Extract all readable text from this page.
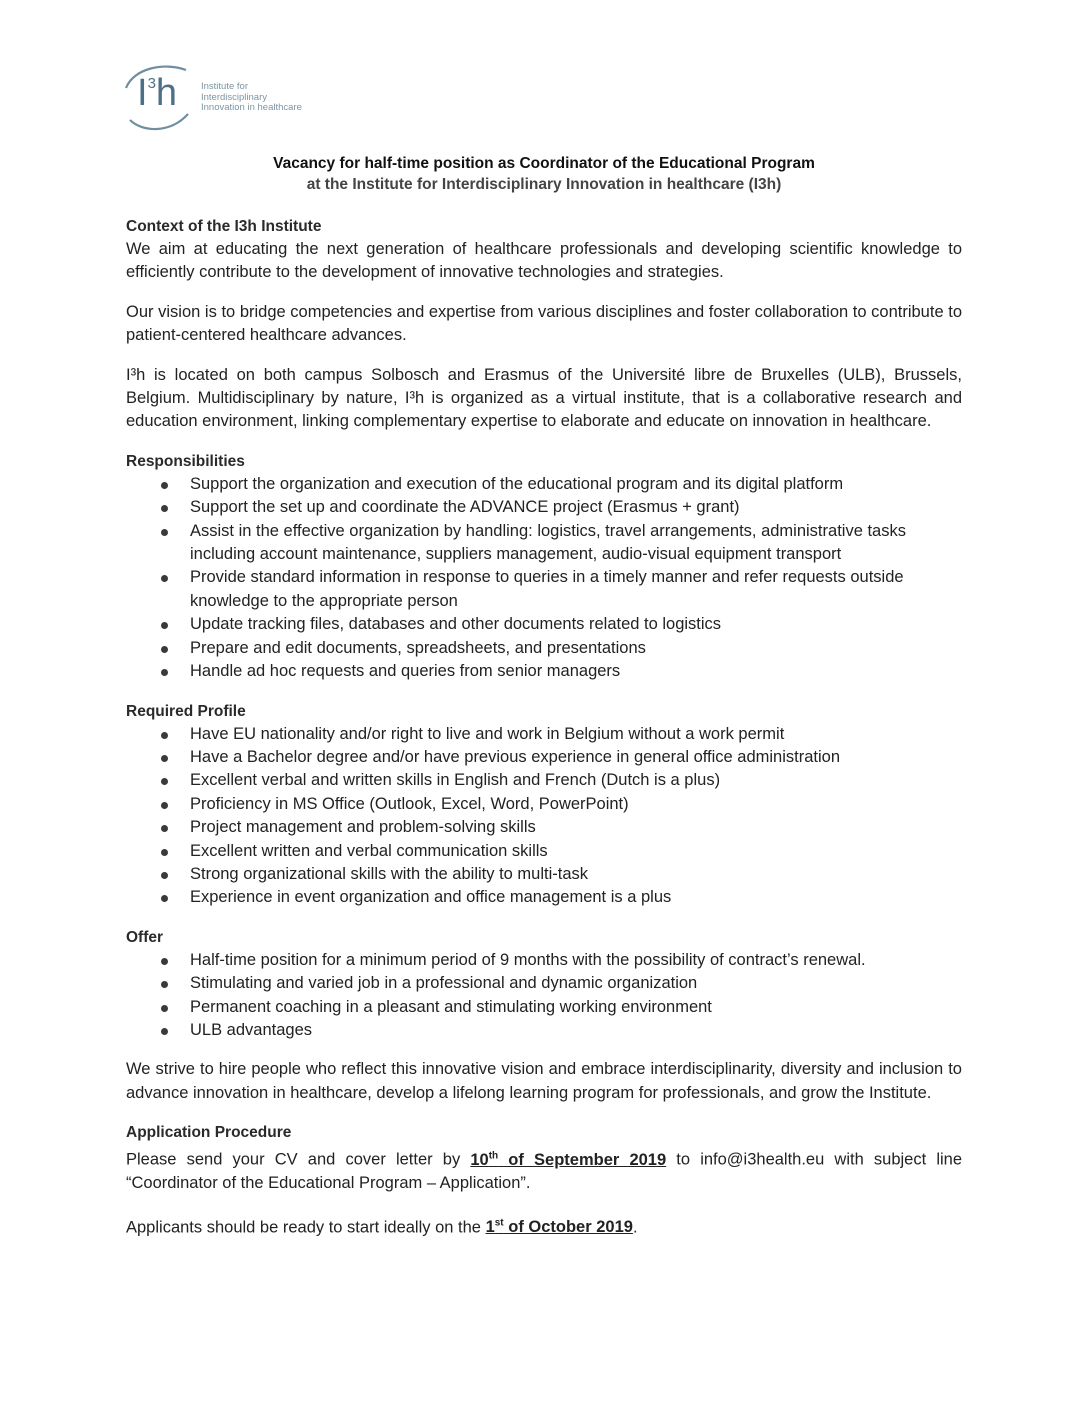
$I^3h$	Institute for
Interdisciplinary
Innovation in healthcare
Vacancy for half-time position as Coordinator of the Educational Program
at the Institute for Interdisciplinary Innovation in healthcare (I3h)
Context of the I3h Institute

We aim at educating the next generation of healthcare professionals and developing scientific knowledge to efficiently contribute to the development of innovative technologies and strategies.

Our vision is to bridge competencies and expertise from various disciplines and foster collaboration to contribute to patient-centered healthcare advances.

I³h is located on both campus Solbosch and Erasmus of the Université libre de Bruxelles (ULB), Brussels, Belgium. Multidisciplinary by nature, I³h is organized as a virtual institute, that is a collaborative research and education environment, linking complementary expertise to elaborate and educate on innovation in healthcare.

Responsibilities
Support the organization and execution of the educational program and its digital platform
Support the set up and coordinate the ADVANCE project (Erasmus + grant)
Assist in the effective organization by handling: logistics, travel arrangements, administrative tasks including account maintenance, suppliers management, audio-visual equipment transport
Provide standard information in response to queries in a timely manner and refer requests outside knowledge to the appropriate person
Update tracking files, databases and other documents related to logistics
Prepare and edit documents, spreadsheets, and presentations
Handle ad hoc requests and queries from senior managers
Required Profile
Have EU nationality and/or right to live and work in Belgium without a work permit
Have a Bachelor degree and/or have previous experience in general office administration
Excellent verbal and written skills in English and French (Dutch is a plus)
Proficiency in MS Office (Outlook, Excel, Word, PowerPoint)
Project management and problem-solving skills
Excellent written and verbal communication skills
Strong organizational skills with the ability to multi-task
Experience in event organization and office management is a plus
Offer
Half-time position for a minimum period of 9 months with the possibility of contract’s renewal.
Stimulating and varied job in a professional and dynamic organization
Permanent coaching in a pleasant and stimulating working environment
ULB advantages

We strive to hire people who reflect this innovative vision and embrace interdisciplinarity, diversity and inclusion to advance innovation in healthcare, develop a lifelong learning program for professionals, and grow the Institute.

Application Procedure

Please send your CV and cover letter by 10th of September 2019 to info@i3health.eu with subject line “Coordinator of the Educational Program – Application”.

Applicants should be ready to start ideally on the 1st of October 2019.
